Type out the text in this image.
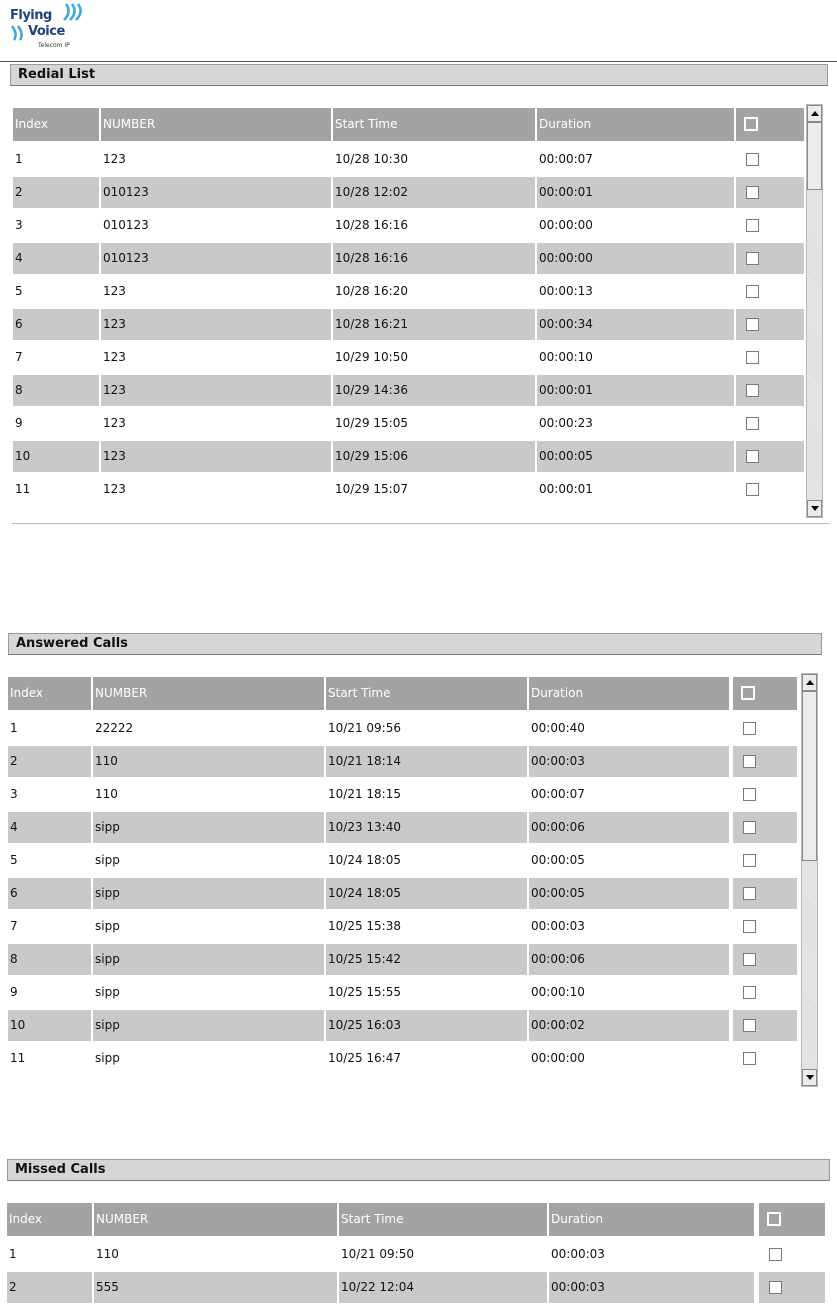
Flying
Voice
Telecom IP
Redial List
Index	NUMBER	Start Time	Duration
1	123	10/28 10:30	00:00:07
2	010123	10/28 12:02	00:00:01
3	010123	10/28 16:16	00:00:00
4	010123	10/28 16:16	00:00:00
5	123	10/28 16:20	00:00:13
6	123	10/28 16:21	00:00:34
7	123	10/29 10:50	00:00:10
8	123	10/29 14:36	00:00:01
9	123	10/29 15:05	00:00:23
10	123	10/29 15:06	00:00:05
11	123	10/29 15:07	00:00:01
Answered Calls
Index	NUMBER	Start Time	Duration
1	22222	10/21 09:56	00:00:40
2	110	10/21 18:14	00:00:03
3	110	10/21 18:15	00:00:07
4	sipp	10/23 13:40	00:00:06
5	sipp	10/24 18:05	00:00:05
6	sipp	10/24 18:05	00:00:05
7	sipp	10/25 15:38	00:00:03
8	sipp	10/25 15:42	00:00:06
9	sipp	10/25 15:55	00:00:10
10	sipp	10/25 16:03	00:00:02
11	sipp	10/25 16:47	00:00:00
Missed Calls
Index	NUMBER	Start Time	Duration
1	110	10/21 09:50	00:00:03
2	555	10/22 12:04	00:00:03
